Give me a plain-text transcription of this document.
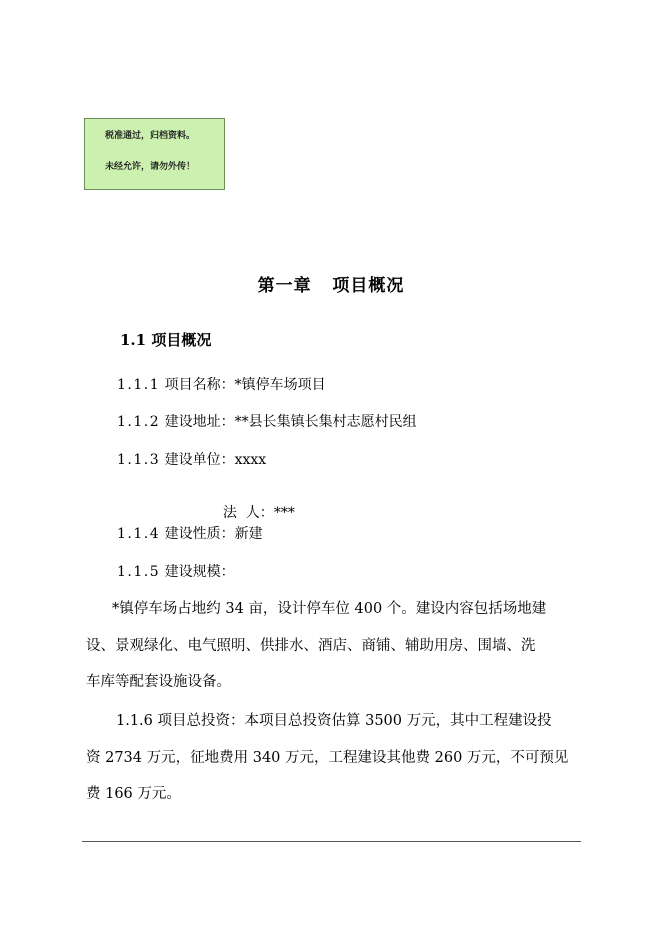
税准通过，归档资料。
未经允许，请勿外传！
第一章   项目概况
1.1 项目概况
1.1.1 项目名称：*镇停车场项目
1.1.2 建设地址：**县长集镇长集村志愿村民组
1.1.3 建设单位：xxxx

法  人：***

1.1.4 建设性质：新建
1.1.5 建设规模：
*镇停车场占地约 34 亩，设计停车位 400 个。建设内容包括场地建
设、景观绿化、电气照明、供排水、酒店、商铺、辅助用房、围墙、洗
车库等配套设施设备。
1.1.6 项目总投资：本项目总投资估算 3500 万元，其中工程建设投
资 2734 万元，征地费用 340 万元，工程建设其他费 260 万元，不可预见
费 166 万元。
